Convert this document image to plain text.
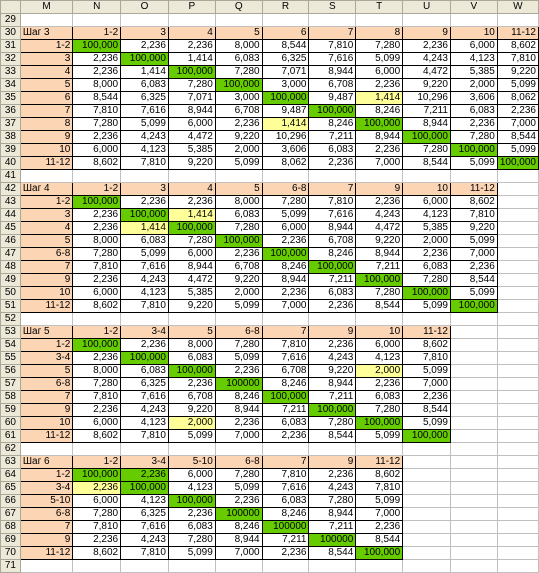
	M	N	O	P	Q	R	S	T	U	V	W
29											
30	Шаг 3	1-2	3	4	5	6	7	8	9	10	11-12
31	1-2	100,000	2,236	2,236	8,000	8,544	7,810	7,280	2,236	6,000	8,602
32	3	2,236	100,000	1,414	6,083	6,325	7,616	5,099	4,243	4,123	7,810
33	4	2,236	1,414	100,000	7,280	7,071	8,944	6,000	4,472	5,385	9,220
34	5	8,000	6,083	7,280	100,000	3,000	6,708	2,236	9,220	2,000	5,099
35	6	8,544	6,325	7,071	3,000	100,000	9,487	1,414	10,296	3,606	8,062
36	7	7,810	7,616	8,944	6,708	9,487	100,000	8,246	7,211	6,083	2,236
37	8	7,280	5,099	6,000	2,236	1,414	8,246	100,000	8,944	2,236	7,000
38	9	2,236	4,243	4,472	9,220	10,296	7,211	8,944	100,000	7,280	8,544
39	10	6,000	4,123	5,385	2,000	3,606	6,083	2,236	7,280	100,000	5,099
40	11-12	8,602	7,810	9,220	5,099	8,062	2,236	7,000	8,544	5,099	100,000
41											
42	Шаг 4	1-2	3	4	5	6-8	7	9	10	11-12	
43	1-2	100,000	2,236	2,236	8,000	7,280	7,810	2,236	6,000	8,602	
44	3	2,236	100,000	1,414	6,083	5,099	7,616	4,243	4,123	7,810	
45	4	2,236	1,414	100,000	7,280	6,000	8,944	4,472	5,385	9,220	
46	5	8,000	6,083	7,280	100,000	2,236	6,708	9,220	2,000	5,099	
47	6-8	7,280	5,099	6,000	2,236	100,000	8,246	8,944	2,236	7,000	
48	7	7,810	7,616	8,944	6,708	8,246	100,000	7,211	6,083	2,236	
49	9	2,236	4,243	4,472	9,220	8,944	7,211	100,000	7,280	8,544	
50	10	6,000	4,123	5,385	2,000	2,236	6,083	7,280	100,000	5,099	
51	11-12	8,602	7,810	9,220	5,099	7,000	2,236	8,544	5,099	100,000	
52											
53	Шаг 5	1-2	3-4	5	6-8	7	9	10	11-12		
54	1-2	100,000	2,236	8,000	7,280	7,810	2,236	6,000	8,602		
55	3-4	2,236	100,000	6,083	5,099	7,616	4,243	4,123	7,810		
56	5	8,000	6,083	100,000	2,236	6,708	9,220	2,000	5,099		
57	6-8	7,280	6,325	2,236	100000	8,246	8,944	2,236	7,000		
58	7	7,810	7,616	6,708	8,246	100,000	7,211	6,083	2,236		
59	9	2,236	4,243	9,220	8,944	7,211	100,000	7,280	8,544		
60	10	6,000	4,123	2,000	2,236	6,083	7,280	100,000	5,099		
61	11-12	8,602	7,810	5,099	7,000	2,236	8,544	5,099	100,000		
62											
63	Шаг 6	1-2	3-4	5-10	6-8	7	9	11-12			
64	1-2	100,000	2,236	6,000	7,280	7,810	2,236	8,602			
65	3-4	2,236	100,000	4,123	5,099	7,616	4,243	7,810			
66	5-10	6,000	4,123	100,000	2,236	6,083	7,280	5,099			
67	6-8	7,280	6,325	2,236	100000	8,246	8,944	7,000			
68	7	7,810	7,616	6,083	8,246	100000	7,211	2,236			
69	9	2,236	4,243	7,280	8,944	7,211	100000	8,544			
70	11-12	8,602	7,810	5,099	7,000	2,236	8,544	100,000			
71											
